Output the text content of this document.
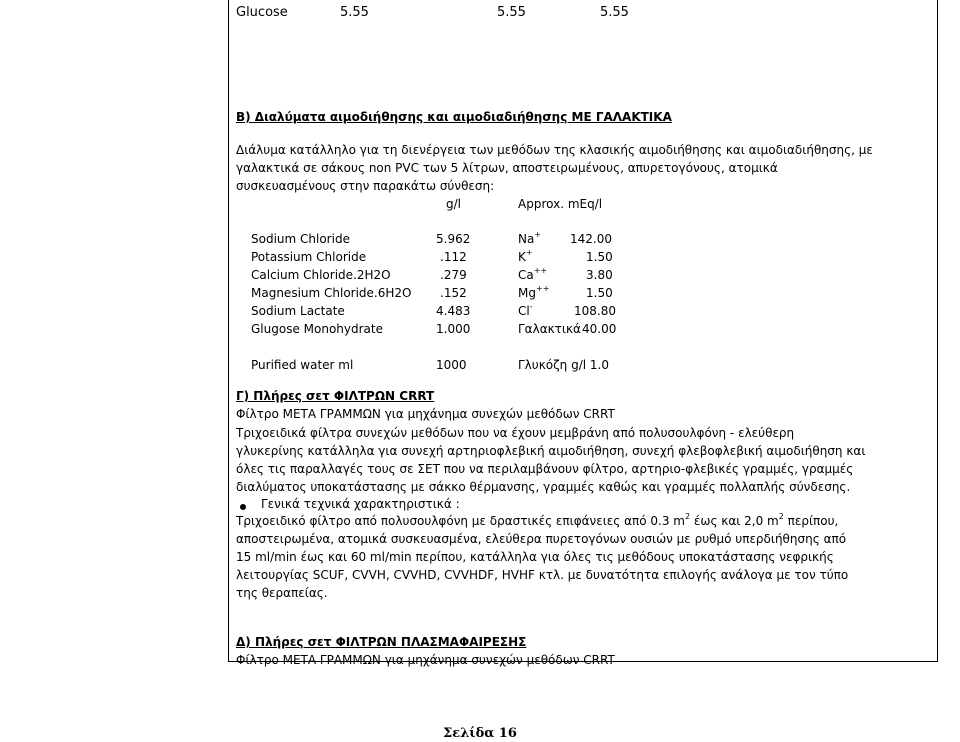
Glucose	5.55	5.55	5.55
Β) Διαλύματα αιμοδιήθησης και αιμοδιαδιήθησης ΜΕ ΓΑΛΑΚΤΙΚΑ
Διάλυμα κατάλληλο για τη διενέργεια των μεθόδων της κλασικής αιμοδιήθησης και αιμοδιαδιήθησης, με
γαλακτικά σε σάκους non PVC των 5 λίτρων, αποστειρωμένους, απυρετογόνους, ατομικά
συσκευασμένους στην παρακάτω σύνθεση:
g/l	Approx. mEq/l
Sodium Chloride	5.962	Na+ 142.00
Potassium Chloride	.112	K+	1.50
Calcium Chloride.2H2O	.279	Ca++	3.80
Magnesium Chloride.6H2O .152	Mg++	1.50
Sodium Lactate	4.483	Cl-	108.80
Glugose Monohydrate	1.000	Γαλακτικά 40.00
Purified water ml	1000	Γλυκόζη g/l 1.0
Γ) Πλήρες σετ ΦΙΛΤΡΩΝ CRRT
Φίλτρο ΜΕΤΑ ΓΡΑΜΜΩΝ για μηχάνημα συνεχών μεθόδων CRRT
Τριχοειδικά φίλτρα συνεχών μεθόδων που να έχουν μεμβράνη από πολυσουλφόνη - ελεύθερη
γλυκερίνης κατάλληλα για συνεχή αρτηριοφλεβική αιμοδιήθηση, συνεχή φλεβοφλεβική αιμοδιήθηση και
όλες τις παραλλαγές τους σε ΣΕΤ που να περιλαμβάνουν φίλτρο, αρτηριο-φλεβικές γραμμές, γραμμές
διαλύματος υποκατάστασης με σάκκο θέρμανσης, γραμμές καθώς και γραμμές πολλαπλής σύνδεσης.
Γενικά τεχνικά χαρακτηριστικά :
Τριχοειδικό φίλτρο από πολυσουλφόνη με δραστικές επιφάνειες από 0.3 $m^2$ έως και 2,0 $m^2$ περίπου,
αποστειρωμένα, ατομικά συσκευασμένα, ελεύθερα πυρετογόνων ουσιών με ρυθμό υπερδιήθησης από
15 ml/min έως και 60 ml/min περίπου, κατάλληλα για όλες τις μεθόδους υποκατάστασης νεφρικής
λειτουργίας SCUF, CVVH, CVVHD, CVVHDF, HVHF κτλ. με δυνατότητα επιλογής ανάλογα με τον τύπο
της θεραπείας.
Δ) Πλήρες σετ ΦΙΛΤΡΩΝ ΠΛΑΣΜΑΦΑΙΡΕΣΗΣ
Φίλτρο ΜΕΤΑ ΓΡΑΜΜΩΝ για μηχάνημα συνεχών μεθόδων CRRT
Σελίδα 16
